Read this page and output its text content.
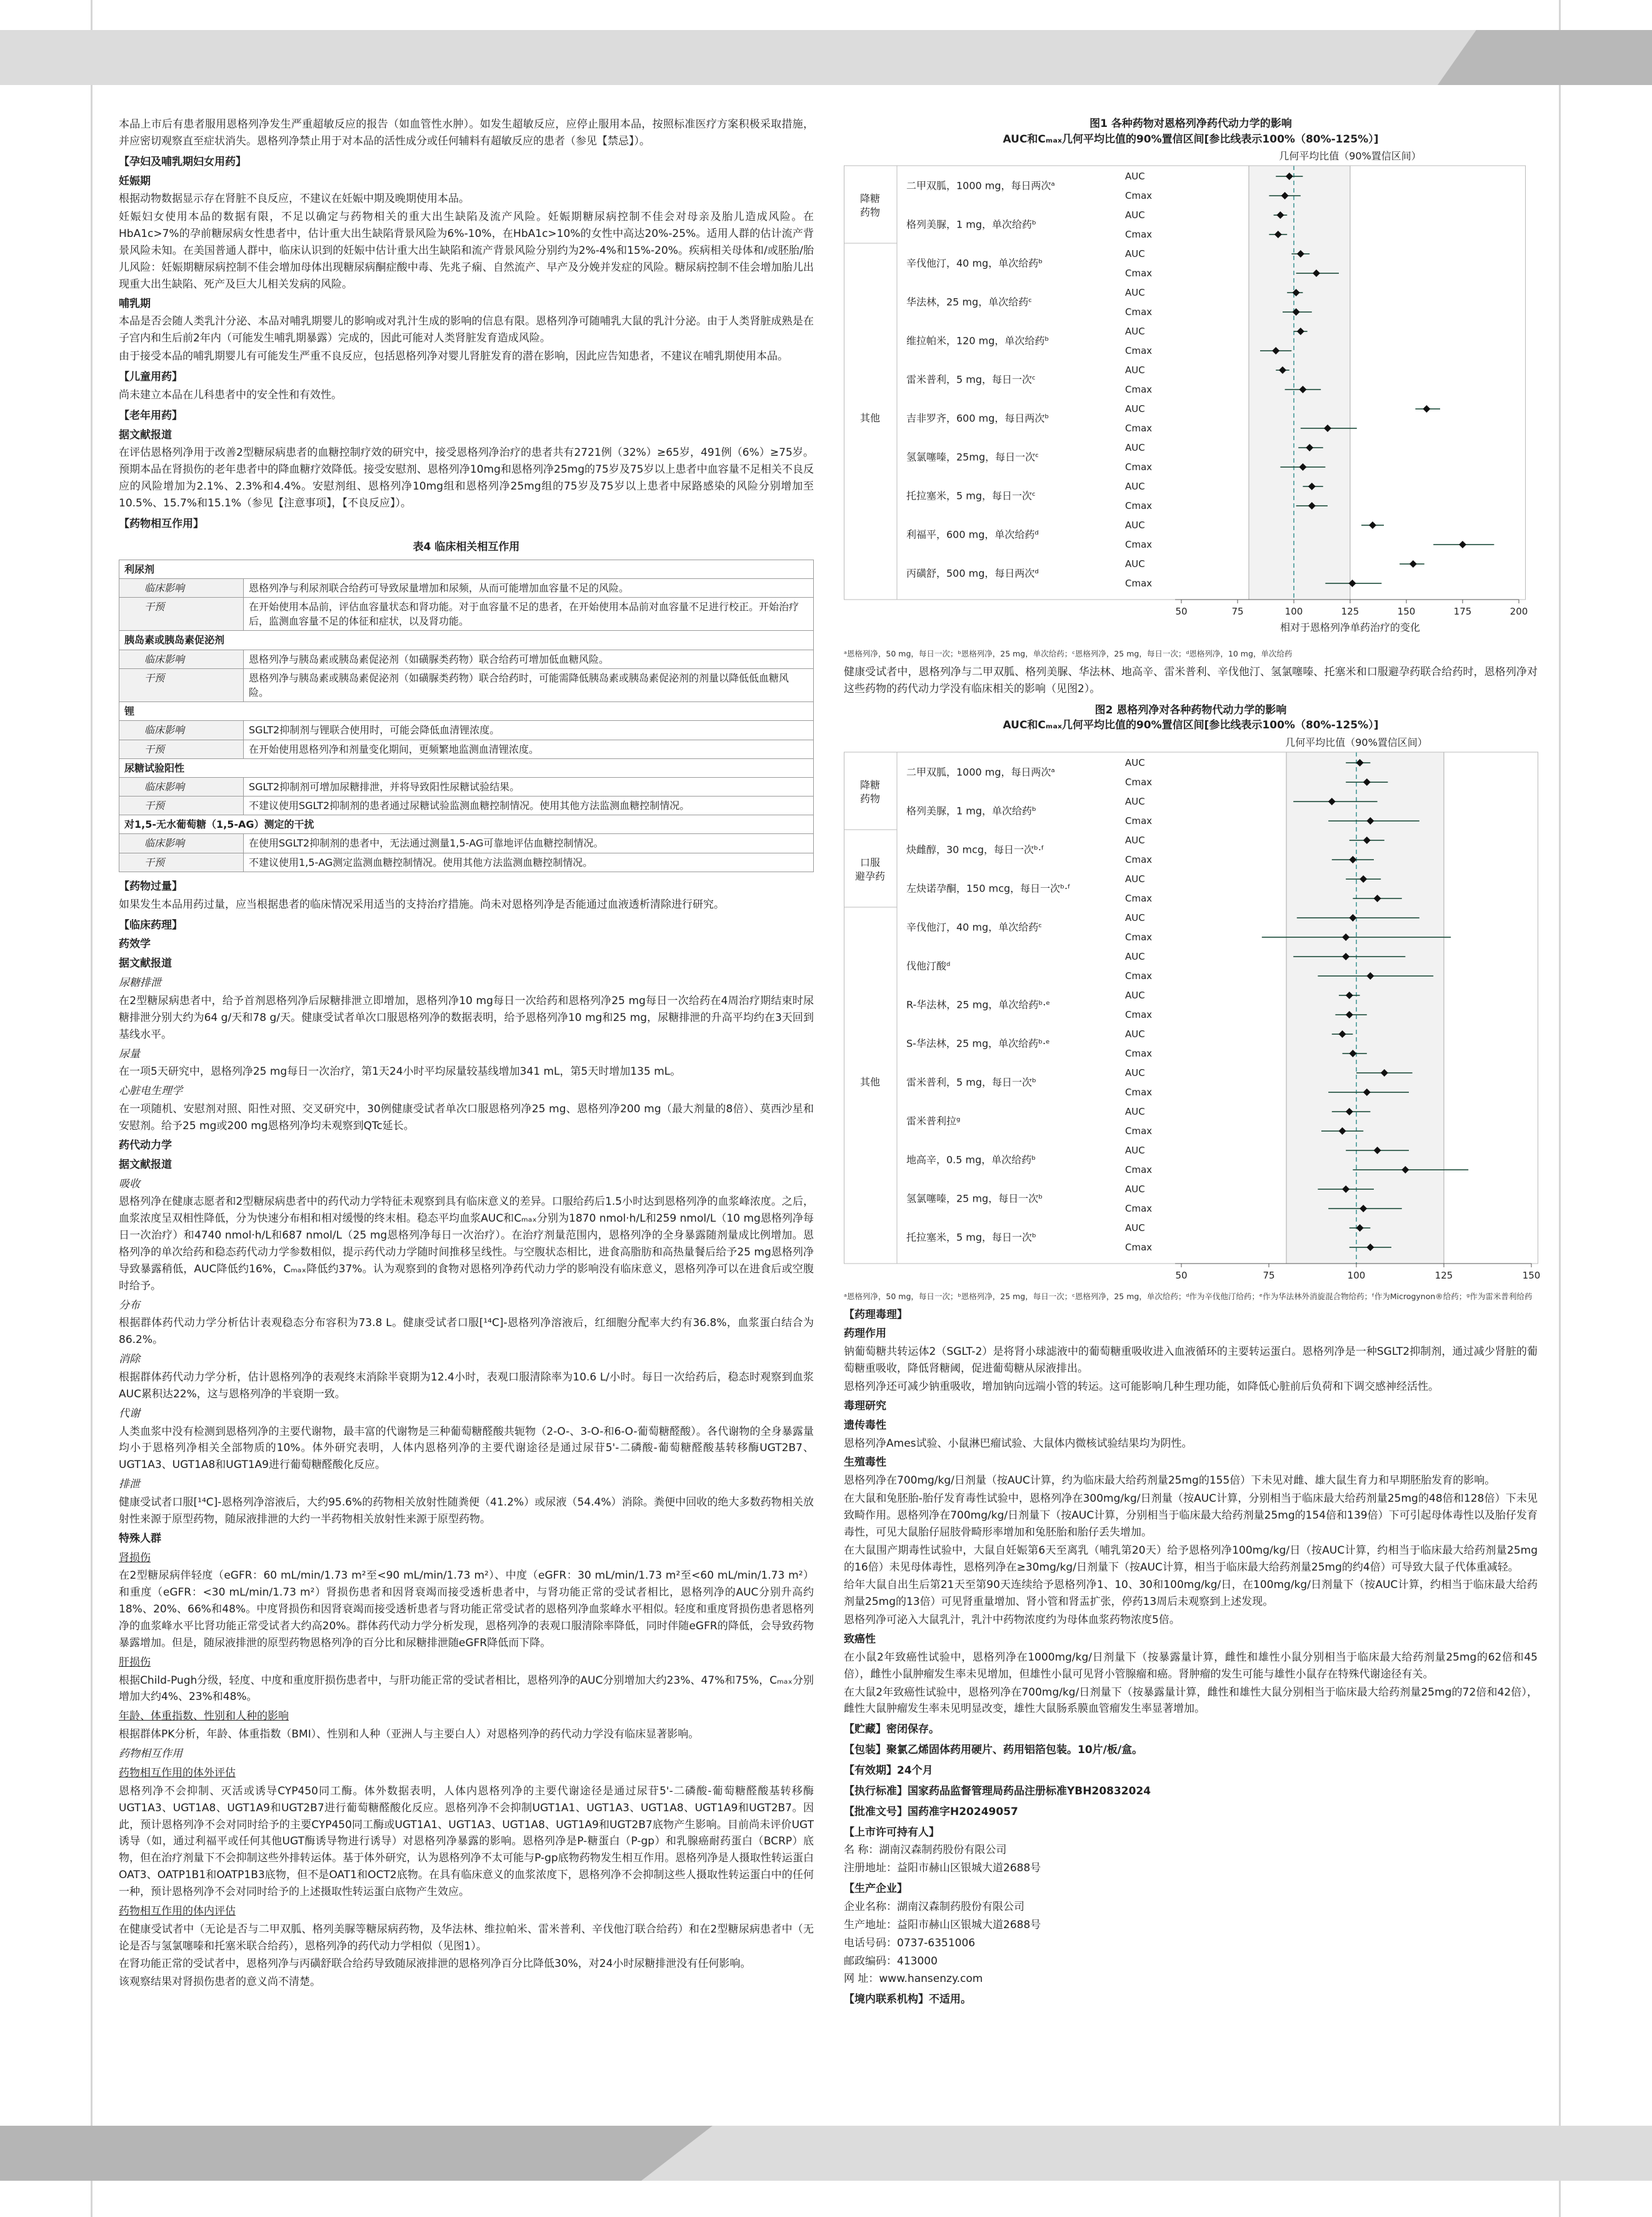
本品上市后有患者服用恩格列净发生严重超敏反应的报告（如血管性水肿）。如发生超敏反应，应停止服用本品，按照标准医疗方案积极采取措施，并应密切观察直至症状消失。恩格列净禁止用于对本品的活性成分或任何辅料有超敏反应的患者（参见【禁忌】）。

【孕妇及哺乳期妇女用药】
妊娠期

根据动物数据显示存在肾脏不良反应，不建议在妊娠中期及晚期使用本品。

妊娠妇女使用本品的数据有限，不足以确定与药物相关的重大出生缺陷及流产风险。妊娠期糖尿病控制不佳会对母亲及胎儿造成风险。在HbA1c>7%的孕前糖尿病女性患者中，估计重大出生缺陷背景风险为6%-10%，在HbA1c>10%的女性中高达20%-25%。适用人群的估计流产背景风险未知。在美国普通人群中，临床认识到的妊娠中估计重大出生缺陷和流产背景风险分别约为2%-4%和15%-20%。疾病相关母体和/或胚胎/胎儿风险：妊娠期糖尿病控制不佳会增加母体出现糖尿病酮症酸中毒、先兆子痫、自然流产、早产及分娩并发症的风险。糖尿病控制不佳会增加胎儿出现重大出生缺陷、死产及巨大儿相关发病的风险。

哺乳期

本品是否会随人类乳汁分泌、本品对哺乳期婴儿的影响或对乳汁生成的影响的信息有限。恩格列净可随哺乳大鼠的乳汁分泌。由于人类肾脏成熟是在子宫内和生后前2年内（可能发生哺乳期暴露）完成的，因此可能对人类肾脏发育造成风险。

由于接受本品的哺乳期婴儿有可能发生严重不良反应，包括恩格列净对婴儿肾脏发育的潜在影响，因此应告知患者，不建议在哺乳期使用本品。

【儿童用药】

尚未建立本品在儿科患者中的安全性和有效性。

【老年用药】
据文献报道

在评估恩格列净用于改善2型糖尿病患者的血糖控制疗效的研究中，接受恩格列净治疗的患者共有2721例（32%）≥65岁，491例（6%）≥75岁。预期本品在肾损伤的老年患者中的降血糖疗效降低。接受安慰剂、恩格列净10mg和恩格列净25mg的75岁及75岁以上患者中血容量不足相关不良反应的风险增加为2.1%、2.3%和4.4%。安慰剂组、恩格列净10mg组和恩格列净25mg组的75岁及75岁以上患者中尿路感染的风险分别增加至10.5%、15.7%和15.1%（参见【注意事项】，【不良反应】）。

【药物相互作用】
表4 临床相关相互作用
利尿剂	
临床影响	恩格列净与利尿剂联合给药可导致尿量增加和尿频，从而可能增加血容量不足的风险。
干预	在开始使用本品前，评估血容量状态和肾功能。对于血容量不足的患者，在开始使用本品前对血容量不足进行校正。开始治疗后，监测血容量不足的体征和症状，以及肾功能。
胰岛素或胰岛素促泌剂	
临床影响	恩格列净与胰岛素或胰岛素促泌剂（如磺脲类药物）联合给药可增加低血糖风险。
干预	恩格列净与胰岛素或胰岛素促泌剂（如磺脲类药物）联合给药时，可能需降低胰岛素或胰岛素促泌剂的剂量以降低低血糖风险。
锂	
临床影响	SGLT2抑制剂与锂联合使用时，可能会降低血清锂浓度。
干预	在开始使用恩格列净和剂量变化期间，更频繁地监测血清锂浓度。
尿糖试验阳性	
临床影响	SGLT2抑制剂可增加尿糖排泄，并将导致阳性尿糖试验结果。
干预	不建议使用SGLT2抑制剂的患者通过尿糖试验监测血糖控制情况。使用其他方法监测血糖控制情况。
对1,5-无水葡萄糖（1,5-AG）测定的干扰	
临床影响	在使用SGLT2抑制剂的患者中，无法通过测量1,5-AG可靠地评估血糖控制情况。
干预	不建议使用1,5-AG测定监测血糖控制情况。使用其他方法监测血糖控制情况。
【药物过量】

如果发生本品用药过量，应当根据患者的临床情况采用适当的支持治疗措施。尚未对恩格列净是否能通过血液透析清除进行研究。

【临床药理】
药效学
据文献报道
尿糖排泄

在2型糖尿病患者中，给予首剂恩格列净后尿糖排泄立即增加，恩格列净10 mg每日一次给药和恩格列净25 mg每日一次给药在4周治疗期结束时尿糖排泄分别大约为64 g/天和78 g/天。健康受试者单次口服恩格列净的数据表明，给予恩格列净10 mg和25 mg，尿糖排泄的升高平均约在3天回到基线水平。

尿量

在一项5天研究中，恩格列净25 mg每日一次治疗，第1天24小时平均尿量较基线增加341 mL，第5天时增加135 mL。

心脏电生理学

在一项随机、安慰剂对照、阳性对照、交叉研究中，30例健康受试者单次口服恩格列净25 mg、恩格列净200 mg（最大剂量的8倍）、莫西沙星和安慰剂。给予25 mg或200 mg恩格列净均未观察到QTc延长。

药代动力学
据文献报道
吸收

恩格列净在健康志愿者和2型糖尿病患者中的药代动力学特征未观察到具有临床意义的差异。口服给药后1.5小时达到恩格列净的血浆峰浓度。之后，血浆浓度呈双相性降低，分为快速分布相和相对缓慢的终末相。稳态平均血浆AUC和Cₘₐₓ分别为1870 nmol·h/L和259 nmol/L（10 mg恩格列净每日一次治疗）和4740 nmol·h/L和687 nmol/L（25 mg恩格列净每日一次治疗）。在治疗剂量范围内，恩格列净的全身暴露随剂量成比例增加。恩格列净的单次给药和稳态药代动力学参数相似，提示药代动力学随时间推移呈线性。与空腹状态相比，进食高脂肪和高热量餐后给予25 mg恩格列净导致暴露稍低，AUC降低约16%，Cₘₐₓ降低约37%。认为观察到的食物对恩格列净药代动力学的影响没有临床意义，恩格列净可以在进食后或空腹时给予。

分布

根据群体药代动力学分析估计表观稳态分布容积为73.8 L。健康受试者口服[¹⁴C]-恩格列净溶液后，红细胞分配率大约有36.8%，血浆蛋白结合为86.2%。

消除

根据群体药代动力学分析，估计恩格列净的表观终末消除半衰期为12.4小时，表观口服清除率为10.6 L/小时。每日一次给药后，稳态时观察到血浆AUC累积达22%，这与恩格列净的半衰期一致。

代谢

人类血浆中没有检测到恩格列净的主要代谢物，最丰富的代谢物是三种葡萄糖醛酸共轭物（2-O-、3-O-和6-O-葡萄糖醛酸）。各代谢物的全身暴露量均小于恩格列净相关全部物质的10%。体外研究表明，人体内恩格列净的主要代谢途径是通过尿苷5'-二磷酸-葡萄糖醛酸基转移酶UGT2B7、UGT1A3、UGT1A8和UGT1A9进行葡萄糖醛酸化反应。

排泄

健康受试者口服[¹⁴C]-恩格列净溶液后，大约95.6%的药物相关放射性随粪便（41.2%）或尿液（54.4%）消除。粪便中回收的绝大多数药物相关放射性来源于原型药物，随尿液排泄的大约一半药物相关放射性来源于原型药物。

特殊人群
肾损伤

在2型糖尿病伴轻度（eGFR：60 mL/min/1.73 m²至<90 mL/min/1.73 m²）、中度（eGFR：30 mL/min/1.73 m²至<60 mL/min/1.73 m²）和重度（eGFR：<30 mL/min/1.73 m²）肾损伤患者和因肾衰竭而接受透析患者中，与肾功能正常的受试者相比，恩格列净的AUC分别升高约18%、20%、66%和48%。中度肾损伤和因肾衰竭而接受透析患者与肾功能正常受试者的恩格列净血浆峰水平相似。轻度和重度肾损伤患者恩格列净的血浆峰水平比肾功能正常受试者大约高20%。群体药代动力学分析发现，恩格列净的表观口服清除率降低，同时伴随eGFR的降低，会导致药物暴露增加。但是，随尿液排泄的原型药物恩格列净的百分比和尿糖排泄随eGFR降低而下降。

肝损伤

根据Child-Pugh分级，轻度、中度和重度肝损伤患者中，与肝功能正常的受试者相比，恩格列净的AUC分别增加大约23%、47%和75%，Cₘₐₓ分别增加大约4%、23%和48%。

年龄、体重指数、性别和人种的影响

根据群体PK分析，年龄、体重指数（BMI）、性别和人种（亚洲人与主要白人）对恩格列净的药代动力学没有临床显著影响。

药物相互作用
药物相互作用的体外评估

恩格列净不会抑制、灭活或诱导CYP450同工酶。体外数据表明，人体内恩格列净的主要代谢途径是通过尿苷5'-二磷酸-葡萄糖醛酸基转移酶UGT1A3、UGT1A8、UGT1A9和UGT2B7进行葡萄糖醛酸化反应。恩格列净不会抑制UGT1A1、UGT1A3、UGT1A8、UGT1A9和UGT2B7。因此，预计恩格列净不会对同时给予的主要CYP450同工酶或UGT1A1、UGT1A3、UGT1A8、UGT1A9和UGT2B7底物产生影响。目前尚未评价UGT诱导（如，通过利福平或任何其他UGT酶诱导物进行诱导）对恩格列净暴露的影响。恩格列净是P-糖蛋白（P-gp）和乳腺癌耐药蛋白（BCRP）底物，但在治疗剂量下不会抑制这些外排转运体。基于体外研究，认为恩格列净不太可能与P-gp底物药物发生相互作用。恩格列净是人摄取性转运蛋白OAT3、OATP1B1和OATP1B3底物，但不是OAT1和OCT2底物。在具有临床意义的血浆浓度下，恩格列净不会抑制这些人摄取性转运蛋白中的任何一种，预计恩格列净不会对同时给予的上述摄取性转运蛋白底物产生效应。

药物相互作用的体内评估

在健康受试者中（无论是否与二甲双胍、格列美脲等糖尿病药物，及华法林、维拉帕米、雷米普利、辛伐他汀联合给药）和在2型糖尿病患者中（无论是否与氢氯噻嗪和托塞米联合给药），恩格列净的药代动力学相似（见图1）。

在肾功能正常的受试者中，恩格列净与丙磺舒联合给药导致随尿液排泄的恩格列净百分比降低30%，对24小时尿糖排泄没有任何影响。

该观察结果对肾损伤患者的意义尚不清楚。

图1 各种药物对恩格列净药代动力学的影响
AUC和Cₘₐₓ几何平均比值的90%置信区间[参比线表示100%（80%-125%）]
几何平均比值（90%置信区间）
降糖
药物
其他
二甲双胍，1000 mg，每日两次ᵃ
AUC
Cmax
格列美脲，1 mg，单次给药ᵇ
AUC
Cmax
辛伐他汀，40 mg，单次给药ᵇ
AUC
Cmax
华法林，25 mg，单次给药ᶜ
AUC
Cmax
维拉帕米，120 mg，单次给药ᵇ
AUC
Cmax
雷米普利，5 mg，每日一次ᶜ
AUC
Cmax
吉非罗齐，600 mg，每日两次ᵇ
AUC
Cmax
氢氯噻嗪，25mg，每日一次ᶜ
AUC
Cmax
托拉塞米，5 mg，每日一次ᶜ
AUC
Cmax
利福平，600 mg，单次给药ᵈ
AUC
Cmax
丙磺舒，500 mg，每日两次ᵈ
AUC
Cmax
50	75	100	125	150	175	200
相对于恩格列净单药治疗的变化
ᵃ恩格列净，50 mg，每日一次；ᵇ恩格列净，25 mg，单次给药；ᶜ恩格列净，25 mg，每日一次；ᵈ恩格列净，10 mg，单次给药

健康受试者中，恩格列净与二甲双胍、格列美脲、华法林、地高辛、雷米普利、辛伐他汀、氢氯噻嗪、托塞米和口服避孕药联合给药时，恩格列净对这些药物的药代动力学没有临床相关的影响（见图2）。

图2 恩格列净对各种药物代动力学的影响
AUC和Cₘₐₓ几何平均比值的90%置信区间[参比线表示100%（80%-125%）]
几何平均比值（90%置信区间）
降糖
药物
口服
避孕药
其他
二甲双胍，1000 mg，每日两次ᵃ
AUC
Cmax
格列美脲，1 mg，单次给药ᵇ
AUC
Cmax
炔雌醇，30 mcg，每日一次ᵇ·ᶠ
AUC
Cmax
左炔诺孕酮，150 mcg，每日一次ᵇ·ᶠ
AUC
Cmax
辛伐他汀，40 mg，单次给药ᶜ
AUC
Cmax
伐他汀酸ᵈ
AUC
Cmax
R-华法林，25 mg，单次给药ᵇ·ᵉ
AUC
Cmax
S-华法林，25 mg，单次给药ᵇ·ᵉ
AUC
Cmax
雷米普利，5 mg，每日一次ᵇ
AUC
Cmax
雷米普利拉ᵍ
AUC
Cmax
地高辛，0.5 mg，单次给药ᵇ
AUC
Cmax
氢氯噻嗪，25 mg，每日一次ᵇ
AUC
Cmax
托拉塞米，5 mg，每日一次ᵇ
AUC
Cmax
50	75	100	125	150
ᵃ恩格列净，50 mg，每日一次；ᵇ恩格列净，25 mg，每日一次；ᶜ恩格列净，25 mg，单次给药；ᵈ作为辛伐他汀给药；ᵉ作为华法林外消旋混合物给药；ᶠ作为Microgynon®给药；ᵍ作为雷米普利给药
【药理毒理】
药理作用

钠葡萄糖共转运体2（SGLT-2）是将肾小球滤液中的葡萄糖重吸收进入血液循环的主要转运蛋白。恩格列净是一种SGLT2抑制剂，通过减少肾脏的葡萄糖重吸收，降低肾糖阈，促进葡萄糖从尿液排出。

恩格列净还可减少钠重吸收，增加钠向远端小管的转运。这可能影响几种生理功能，如降低心脏前后负荷和下调交感神经活性。

毒理研究
遗传毒性

恩格列净Ames试验、小鼠淋巴瘤试验、大鼠体内微核试验结果均为阴性。

生殖毒性

恩格列净在700mg/kg/日剂量（按AUC计算，约为临床最大给药剂量25mg的155倍）下未见对雌、雄大鼠生育力和早期胚胎发育的影响。

在大鼠和兔胚胎-胎仔发育毒性试验中，恩格列净在300mg/kg/日剂量（按AUC计算，分别相当于临床最大给药剂量25mg的48倍和128倍）下未见致畸作用。恩格列净在700mg/kg/日剂量下（按AUC计算，分别相当于临床最大给药剂量25mg的154倍和139倍）下可引起母体毒性以及胎仔发育毒性，可见大鼠胎仔屈肢骨畸形率增加和兔胚胎和胎仔丢失增加。

在大鼠围产期毒性试验中，大鼠自妊娠第6天至离乳（哺乳第20天）给予恩格列净100mg/kg/日（按AUC计算，约相当于临床最大给药剂量25mg的16倍）未见母体毒性，恩格列净在≥30mg/kg/日剂量下（按AUC计算，相当于临床最大给药剂量25mg的约4倍）可导致大鼠子代体重减轻。

给年大鼠自出生后第21天至第90天连续给予恩格列净1、10、30和100mg/kg/日，在100mg/kg/日剂量下（按AUC计算，约相当于临床最大给药剂量25mg的13倍）可见肾重量增加、肾小管和肾盂扩张，停药13周后未观察到上述发现。

恩格列净可泌入大鼠乳汁，乳汁中药物浓度约为母体血浆药物浓度5倍。

致癌性

在小鼠2年致癌性试验中，恩格列净在1000mg/kg/日剂量下（按暴露量计算，雌性和雄性小鼠分别相当于临床最大给药剂量25mg的62倍和45倍），雌性小鼠肿瘤发生率未见增加，但雄性小鼠可见肾小管腺瘤和癌。肾肿瘤的发生可能与雄性小鼠存在特殊代谢途径有关。

在大鼠2年致癌性试验中，恩格列净在700mg/kg/日剂量下（按暴露量计算，雌性和雄性大鼠分别相当于临床最大给药剂量25mg的72倍和42倍），雌性大鼠肿瘤发生率未见明显改变，雄性大鼠肠系膜血管瘤发生率显著增加。

【贮藏】密闭保存。
【包装】聚氯乙烯固体药用硬片、药用铝箔包装。10片/板/盒。
【有效期】24个月
【执行标准】国家药品监督管理局药品注册标准YBH20832024
【批准文号】国药准字H20249057
【上市许可持有人】

名 称：湖南汉森制药股份有限公司

注册地址：益阳市赫山区银城大道2688号

【生产企业】

企业名称：湖南汉森制药股份有限公司

生产地址：益阳市赫山区银城大道2688号

电话号码：0737-6351006

邮政编码：413000

网 址：www.hansenzy.com

【境内联系机构】不适用。
